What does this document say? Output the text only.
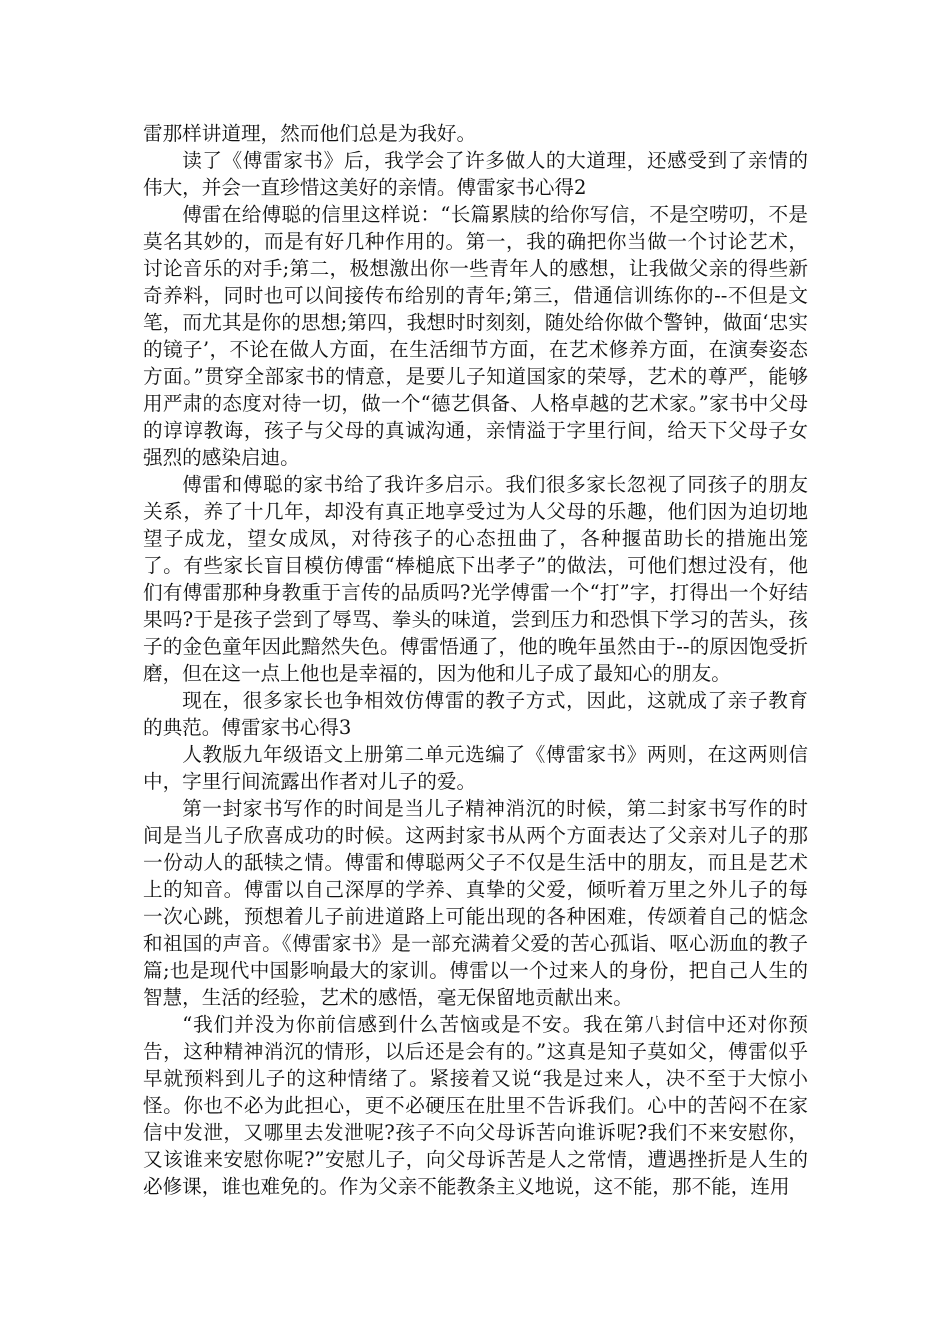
雷那样讲道理，然而他们总是为我好。

读了《傅雷家书》后，我学会了许多做人的大道理，还感受到了亲情的伟大，并会一直珍惜这美好的亲情。傅雷家书心得2

傅雷在给傅聪的信里这样说：“长篇累牍的给你写信，不是空唠叨，不是莫名其妙的，而是有好几种作用的。第一，我的确把你当做一个讨论艺术，讨论音乐的对手;第二，极想激出你一些青年人的感想，让我做父亲的得些新奇养料，同时也可以间接传布给别的青年;第三，借通信训练你的--不但是文笔，而尤其是你的思想;第四，我想时时刻刻，随处给你做个警钟，做面‘忠实的镜子’，不论在做人方面，在生活细节方面，在艺术修养方面，在演奏姿态方面。”贯穿全部家书的情意，是要儿子知道国家的荣辱，艺术的尊严，能够用严肃的态度对待一切，做一个“德艺俱备、人格卓越的艺术家。”家书中父母的谆谆教诲，孩子与父母的真诚沟通，亲情溢于字里行间，给天下父母子女强烈的感染启迪。

傅雷和傅聪的家书给了我许多启示。我们很多家长忽视了同孩子的朋友关系，养了十几年，却没有真正地享受过为人父母的乐趣，他们因为迫切地望子成龙，望女成凤，对待孩子的心态扭曲了，各种揠苗助长的措施出笼了。有些家长盲目模仿傅雷“棒槌底下出孝子”的做法，可他们想过没有，他们有傅雷那种身教重于言传的品质吗?光学傅雷一个“打”字，打得出一个好结果吗?于是孩子尝到了辱骂、拳头的味道，尝到压力和恐惧下学习的苦头，孩子的金色童年因此黯然失色。傅雷悟通了，他的晚年虽然由于--的原因饱受折磨，但在这一点上他也是幸福的，因为他和儿子成了最知心的朋友。

现在，很多家长也争相效仿傅雷的教子方式，因此，这就成了亲子教育的典范。傅雷家书心得3

人教版九年级语文上册第二单元选编了《傅雷家书》两则，在这两则信中，字里行间流露出作者对儿子的爱。

第一封家书写作的时间是当儿子精神消沉的时候，第二封家书写作的时间是当儿子欣喜成功的时候。这两封家书从两个方面表达了父亲对儿子的那一份动人的舐犊之情。傅雷和傅聪两父子不仅是生活中的朋友，而且是艺术上的知音。傅雷以自己深厚的学养、真挚的父爱，倾听着万里之外儿子的每一次心跳，预想着儿子前进道路上可能出现的各种困难，传颂着自己的惦念和祖国的声音。《傅雷家书》是一部充满着父爱的苦心孤诣、呕心沥血的教子篇;也是现代中国影响最大的家训。傅雷以一个过来人的身份，把自己人生的智慧，生活的经验，艺术的感悟，毫无保留地贡献出来。

“我们并没为你前信感到什么苦恼或是不安。我在第八封信中还对你预告，这种精神消沉的情形，以后还是会有的。”这真是知子莫如父，傅雷似乎早就预料到儿子的这种情绪了。紧接着又说“我是过来人，决不至于大惊小怪。你也不必为此担心，更不必硬压在肚里不告诉我们。心中的苦闷不在家信中发泄，又哪里去发泄呢?孩子不向父母诉苦向谁诉呢?我们不来安慰你，又该谁来安慰你呢?”安慰儿子，向父母诉苦是人之常情，遭遇挫折是人生的必修课，谁也难免的。作为父亲不能教条主义地说，这不能，那不能，连用
